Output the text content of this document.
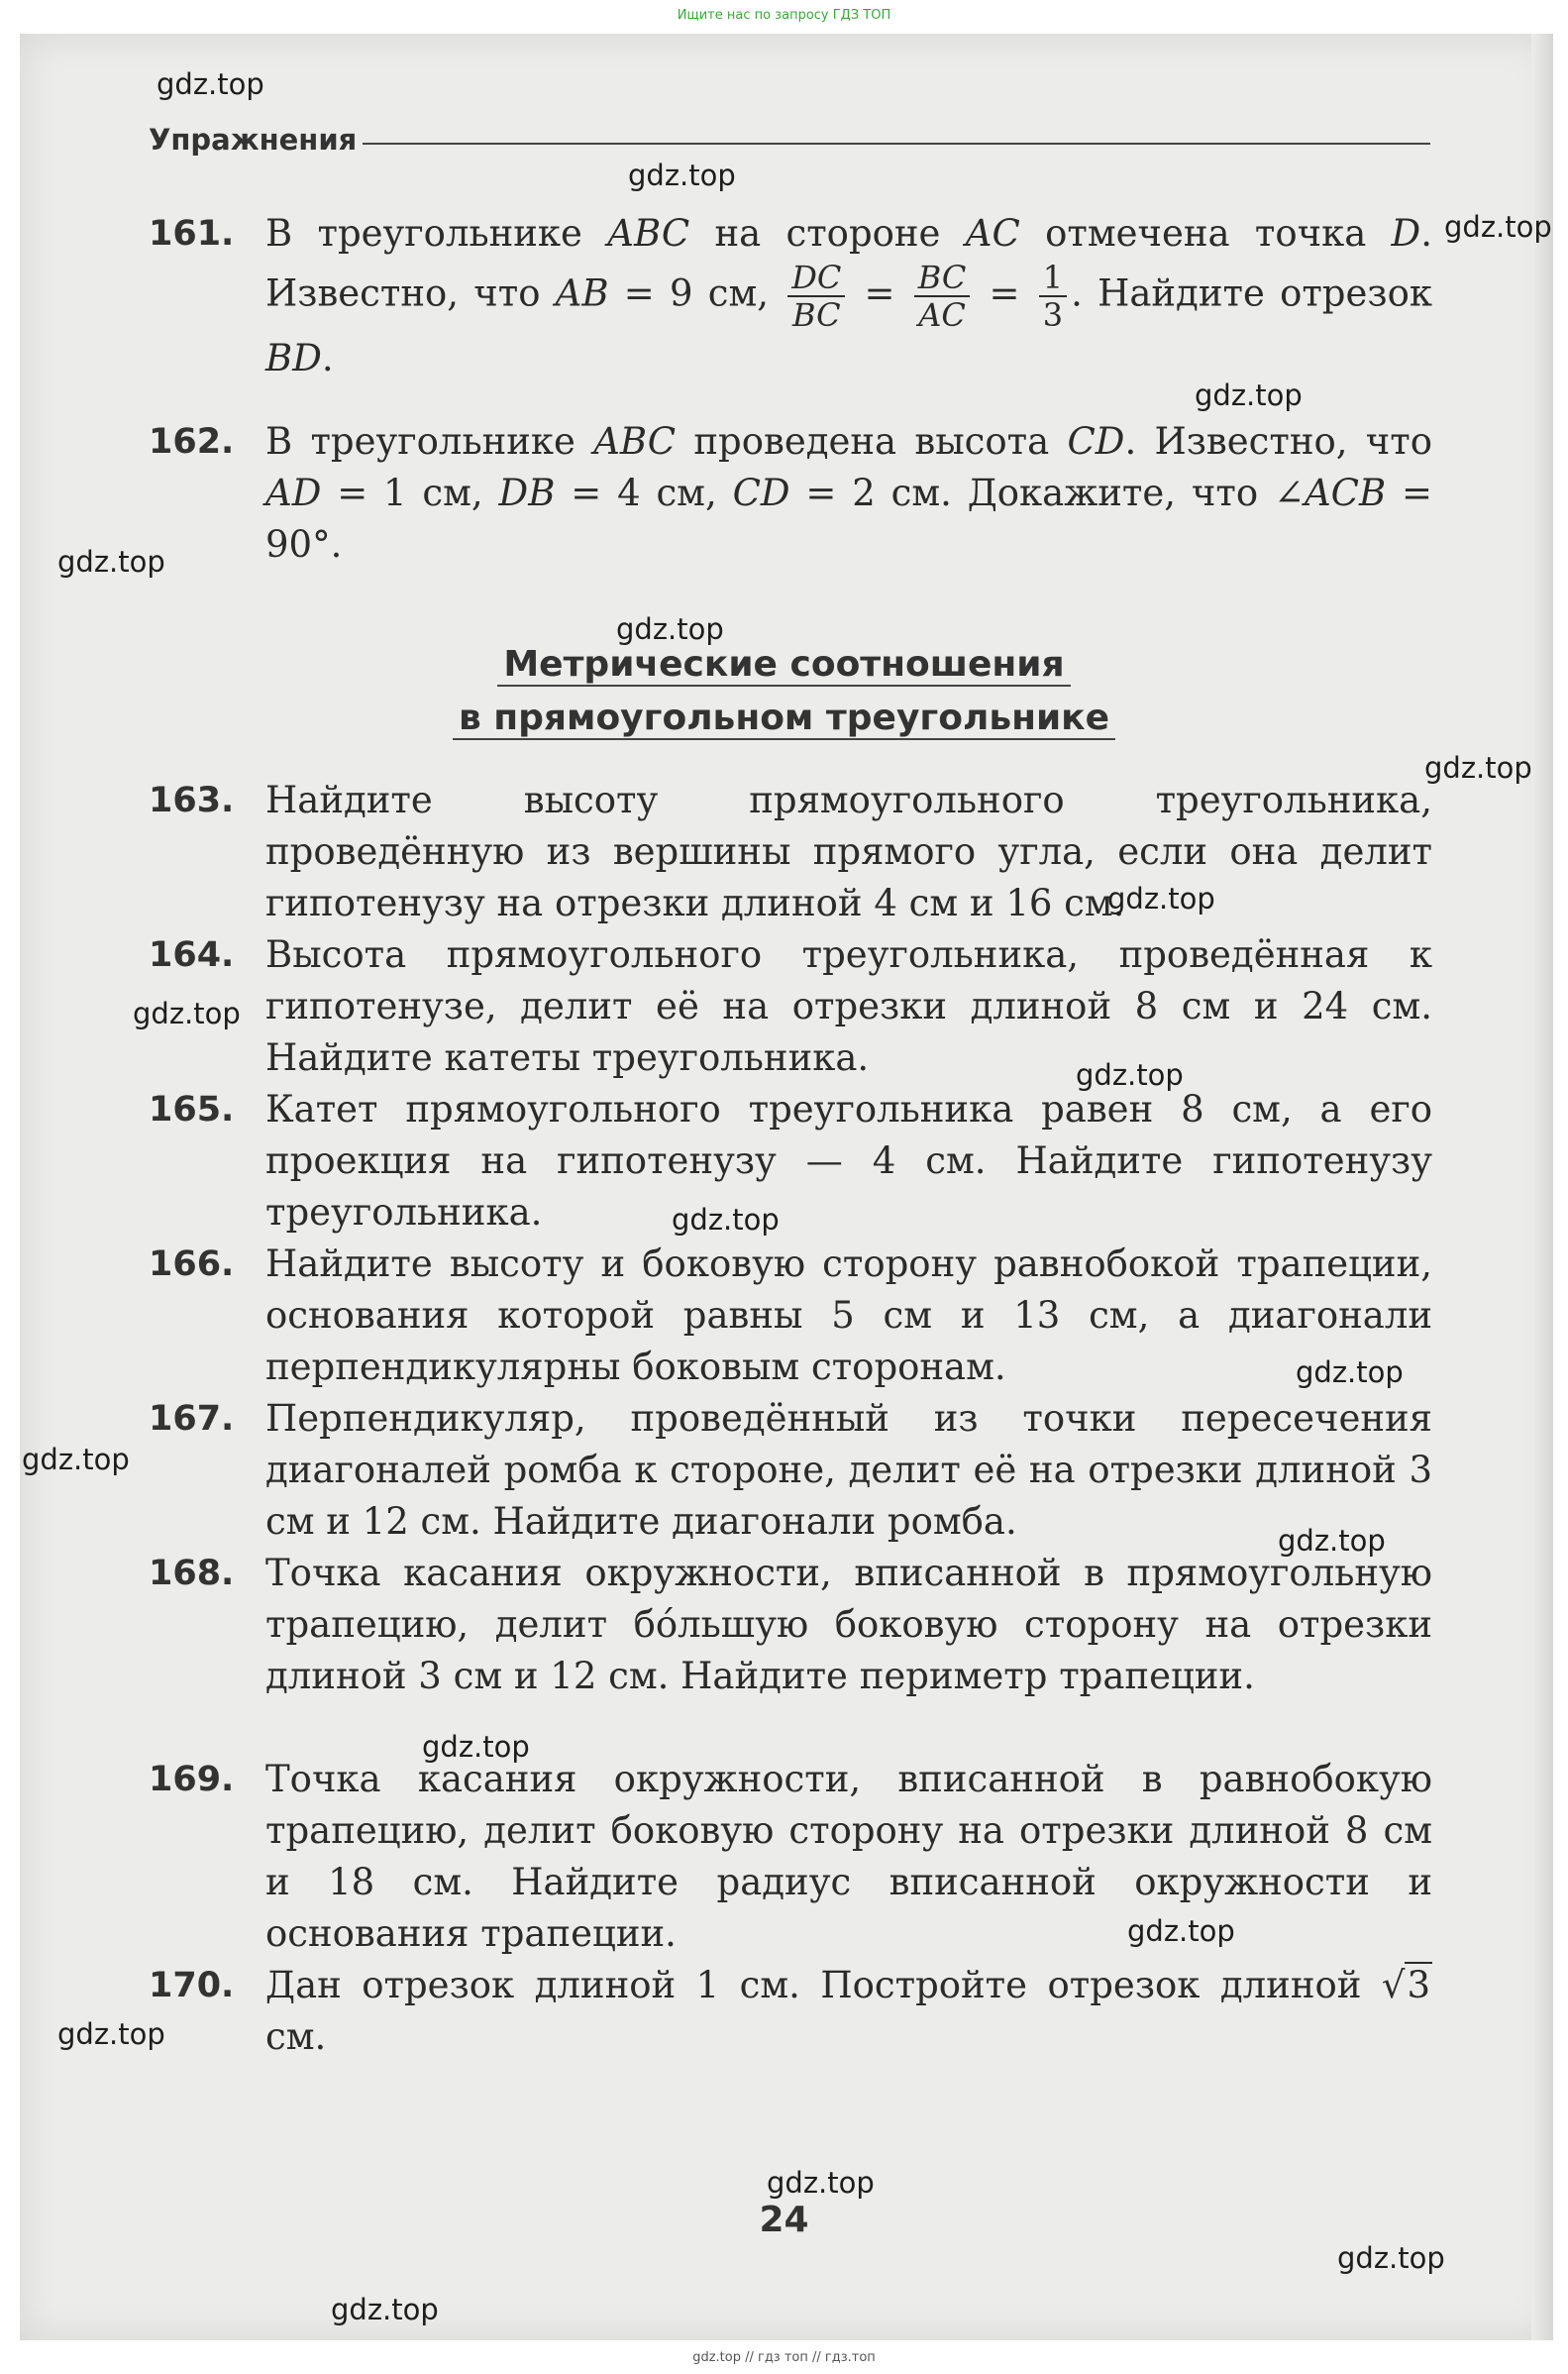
Ищите нас по запросу ГДЗ ТОП
Упражнения
161. В треугольнике ABC на стороне AC отмечена точка D. Известно, что AB = 9 см, $\frac{DC}{BC} = \frac{BC}{AC} = \frac{1}{3}$ . Найдите отрезок BD.
162. В треугольнике ABC проведена высота CD. Известно, что AD = 1 см, DB = 4 см, CD = 2 см. Докажите, что ∠ACB = 90°.
Метрические соотношения
в прямоугольном треугольнике
163. Найдите высоту прямоугольного треугольника, проведённую из вершины прямого угла, если она делит гипотенузу на отрезки длиной 4 см и 16 см.
164. Высота прямоугольного треугольника, проведённая к гипотенузе, делит её на отрезки длиной 8 см и 24 см. Найдите катеты треугольника.
165. Катет прямоугольного треугольника равен 8 см, а его проекция на гипотенузу — 4 см. Найдите гипотенузу треугольника.
166. Найдите высоту и боковую сторону равнобокой трапеции, основания которой равны 5 см и 13 см, а диагонали перпендикулярны боковым сторонам.
167. Перпендикуляр, проведённый из точки пересечения диагоналей ромба к стороне, делит её на отрезки длиной 3 см и 12 см. Найдите диагонали ромба.
168. Точка касания окружности, вписанной в прямоугольную трапецию, делит бóльшую боковую сторону на отрезки длиной 3 см и 12 см. Найдите периметр трапеции.
169. Точка касания окружности, вписанной в равнобокую трапецию, делит боковую сторону на отрезки длиной 8 см и 18 см. Найдите радиус вписанной окружности и основания трапеции.
170. Дан отрезок длиной 1 см. Постройте отрезок длиной √3 см.
24
gdz.top
gdz.top
gdz.top
gdz.top
gdz.top
gdz.top
gdz.top
gdz.top
gdz.top
gdz.top
gdz.top
gdz.top
gdz.top
gdz.top
gdz.top
gdz.top
gdz.top
gdz.top
gdz.top
gdz.top
gdz.top // гдз топ // гдз.топ
